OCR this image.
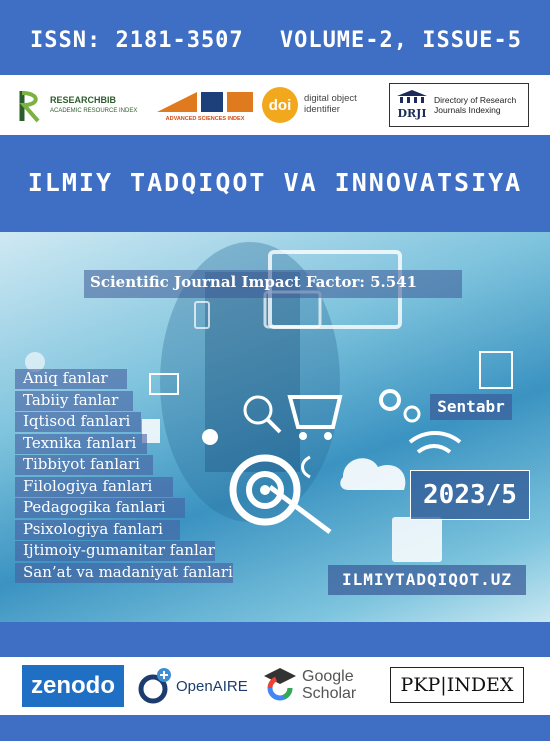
ISSN: 2181-3507 VOLUME-2, ISSUE-5
RESEARCHBIB
ACADEMIC RESOURCE INDEX
ADVANCED SCIENCES INDEX
doi	digital object
identifier	DRJI
Directory of Research
Journals Indexing
ILMIY TADQIQOT VA INNOVATSIYA
Scientific Journal Impact Factor: 5.541
Aniq fanlar
Tabiiy fanlar
Iqtisod fanlari
Texnika fanlari
Tibbiyot fanlari
Filologiya fanlari
Pedagogika fanlari
Psixologiya fanlari
Ijtimoiy-gumanitar fanlar
San’at va madaniyat fanlari
Sentabr
2023/5
ILMIYTADQIQOT.UZ
zenodo	OpenAIRE
Google
Scholar	PKP|INDEX
